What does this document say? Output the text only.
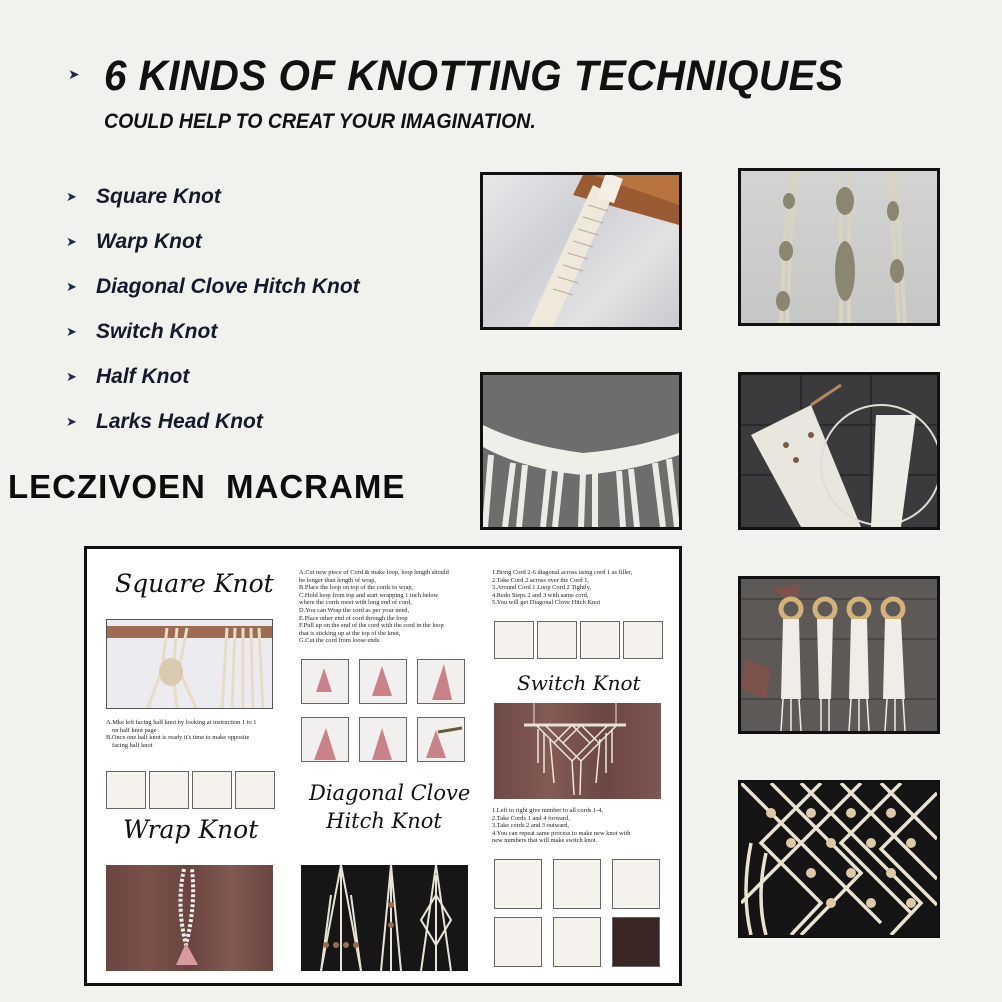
➤ 6 KINDS OF KNOTTING TECHNIQUES
COULD HELP TO CREAT YOUR IMAGINATION.
➤ Square Knot
➤ Warp Knot
➤ Diagonal Clove Hitch Knot
➤ Switch Knot
➤ Half Knot
➤ Larks Head Knot
LECZIVOEN MACRAME
Square Knot
A.Mke left facing half knot by looking at instruction 1 to 1
on half knot page
B.Once one half knot is ready it's time to make opposite
facing half knot
Wrap Knot
A.Cut new piece of Cord & make loop, loop length should
be longer than length of wrap,
B.Place the loop on top of the cords to wrap,
C.Hold loop from top and start wrapping 1 inch below
where the cords meet with long end of cord,
D.You can Wrap the cord as per your need,
E.Place other end of cord through the loop
F.Pull up on the end of the cord with the cord in the loop
that is sticking up at the top of the knot,
G.Cut the cord from loose ends.
Diagonal Clove
Hitch Knot
1.Bring Cord 2-6 diagonal across using cord 1 as filler,
2.Take Cord 2 across over the Cord 1,
3.Around Cord 1 Loop Cord 2 Tightly,
4.Redo Steps 2 and 3 with same cord,
5.You will get Diagonal Clove Hitch Knot
Switch Knot
1.Left to right give number to all cords 1-4,
2.Take Cords 1 and 4 forward,
3.Take cords 2 and 3 outward,
4.You can repeat same process to make new knot with
new numbers that will make switch knot.
